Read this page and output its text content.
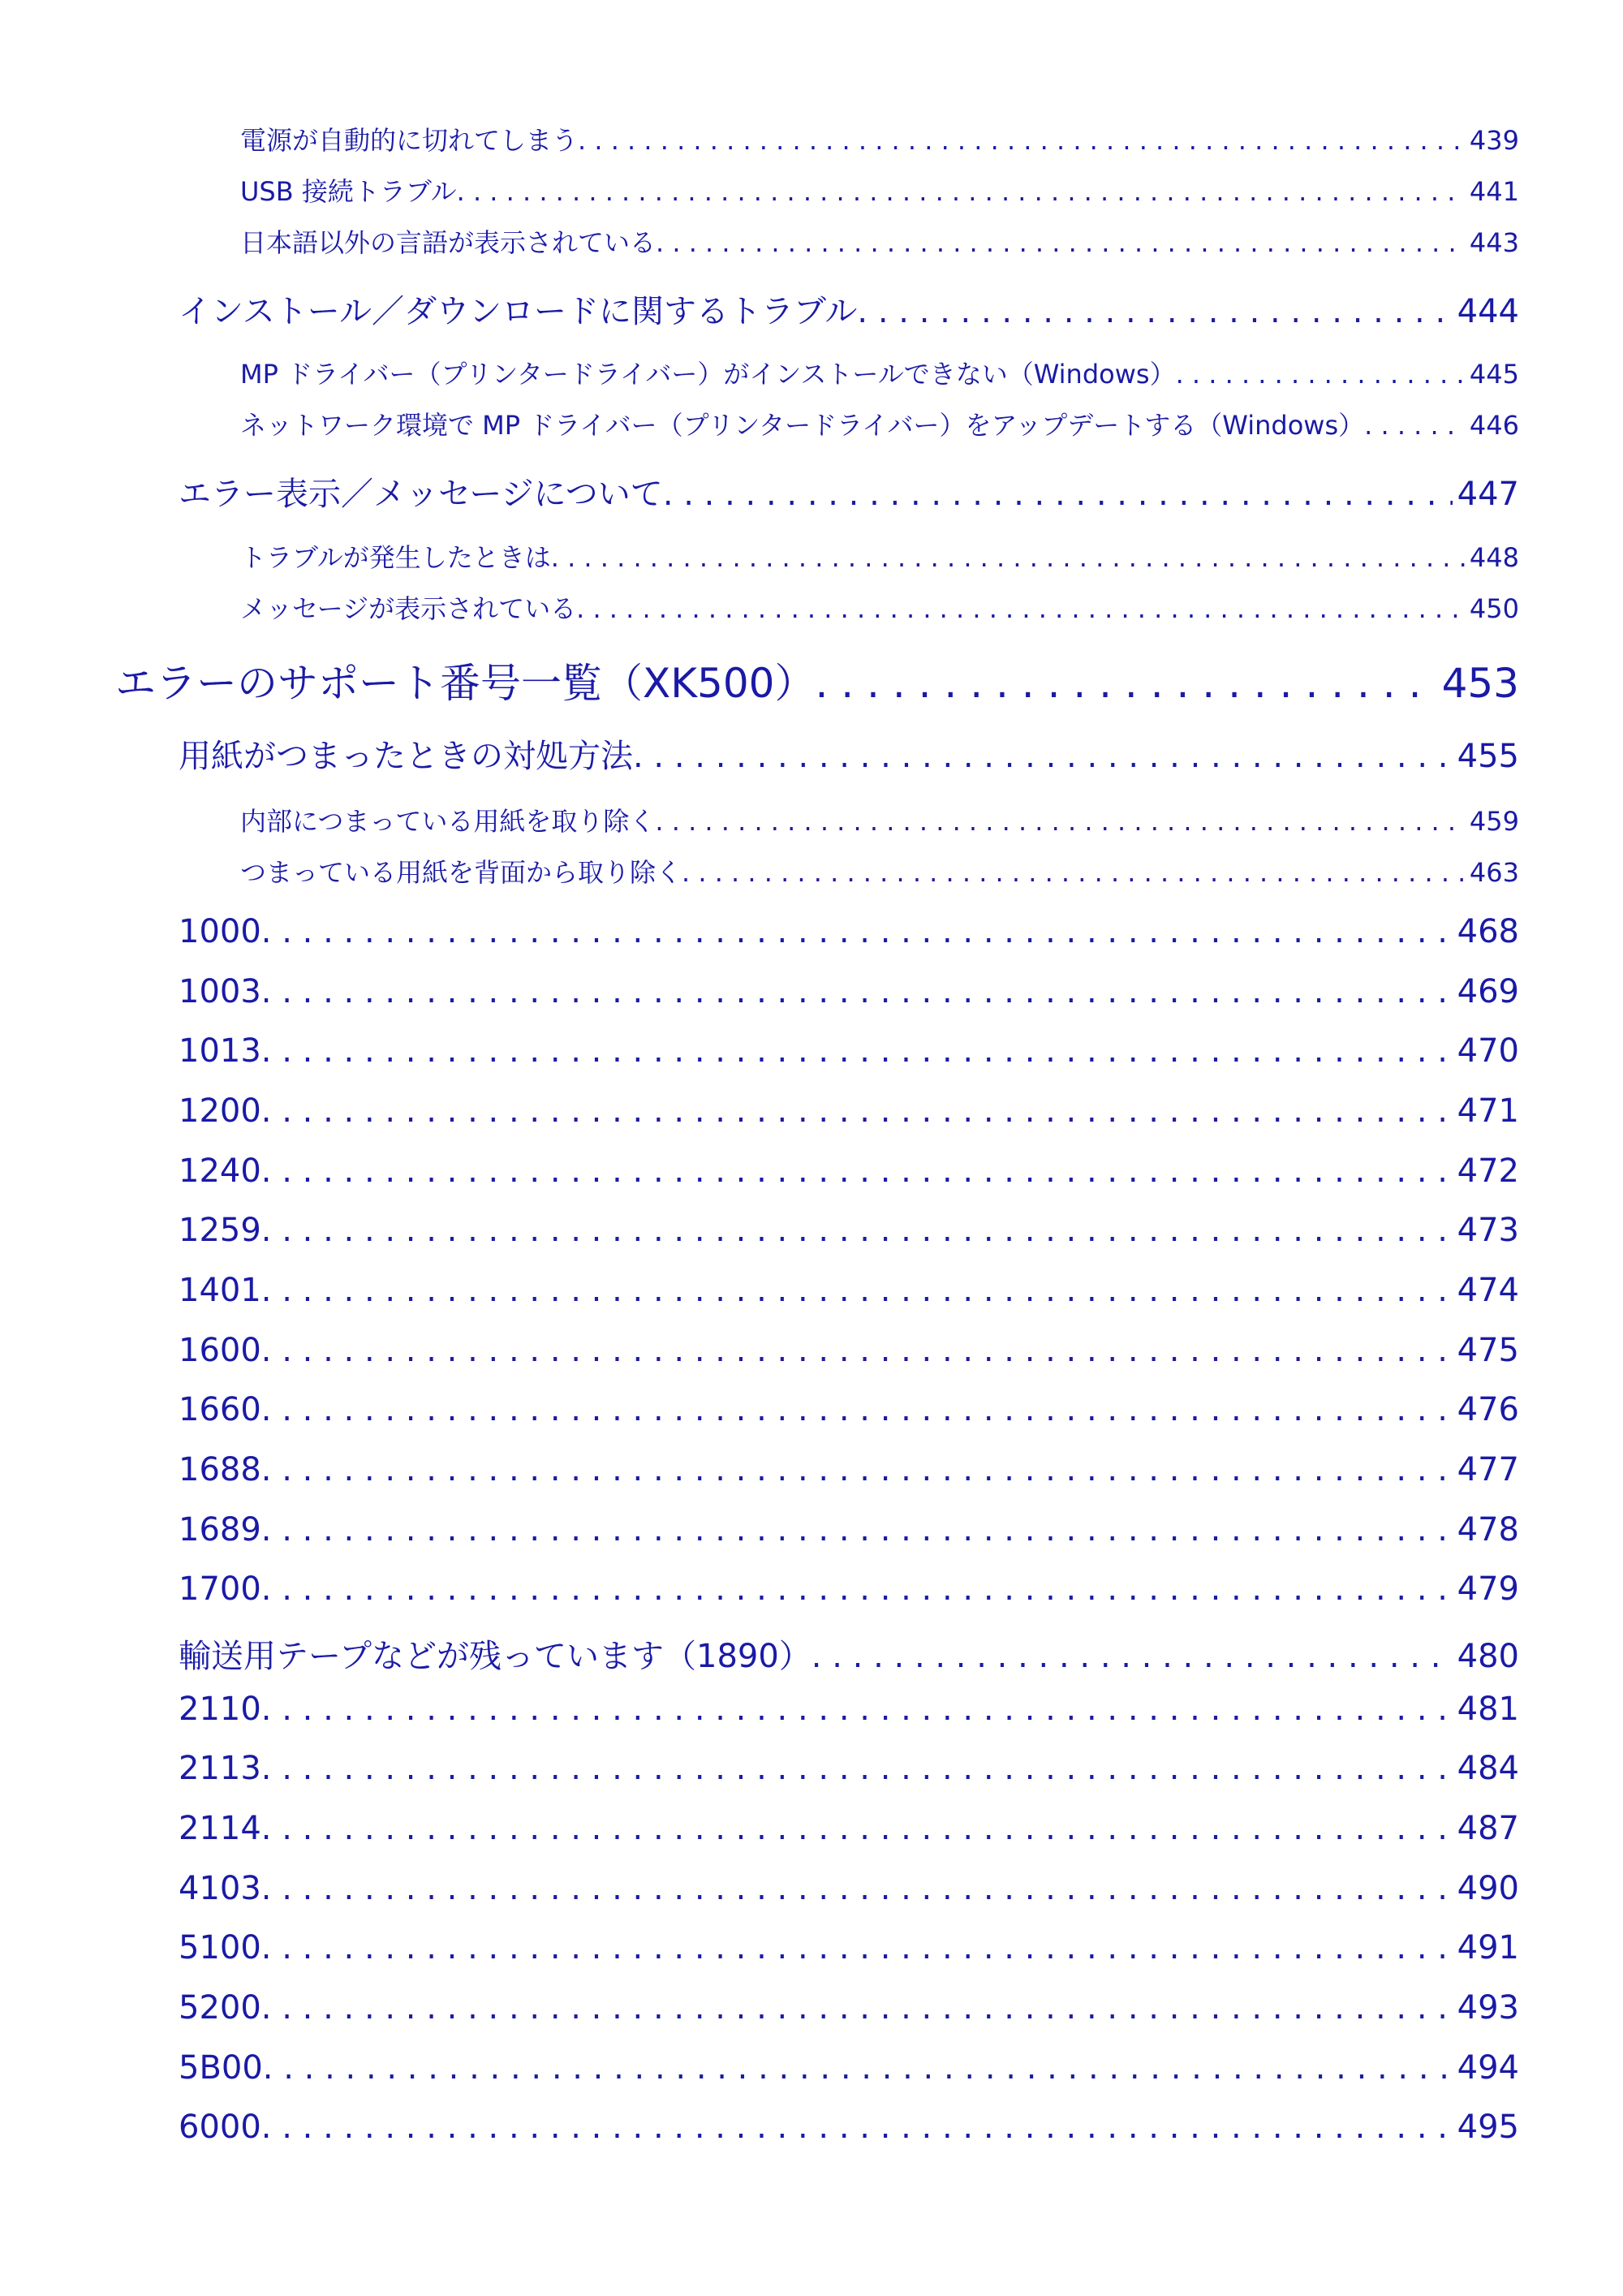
電源が自動的に切れてしまう . . .	439
USB 接続トラブル . . .	441
日本語以外の言語が表示されている . . .	443
インストール／ダウンロードに関するトラブル . . .	444
MP ドライバー（プリンタードライバー）がインストールできない（Windows） . . .	445
ネットワーク環境で MP ドライバー（プリンタードライバー）をアップデートする（Windows） . . .	446
エラー表示／メッセージについて . . .	447
トラブルが発生したときは . . .	448
メッセージが表示されている . . .	450
エラーのサポート番号一覧（XK500） . . .	453
用紙がつまったときの対処方法 . . .	455
内部につまっている用紙を取り除く . . .	459
つまっている用紙を背面から取り除く . . .	463
1000 . . .	468
1003 . . .	469
1013 . . .	470
1200 . . .	471
1240 . . .	472
1259 . . .	473
1401 . . .	474
1600 . . .	475
1660 . . .	476
1688 . . .	477
1689 . . .	478
1700 . . .	479
輸送用テープなどが残っています（1890） . . .	480
2110 . . .	481
2113 . . .	484
2114 . . .	487
4103 . . .	490
5100 . . .	491
5200 . . .	493
5B00 . . .	494
6000 . . .	495
